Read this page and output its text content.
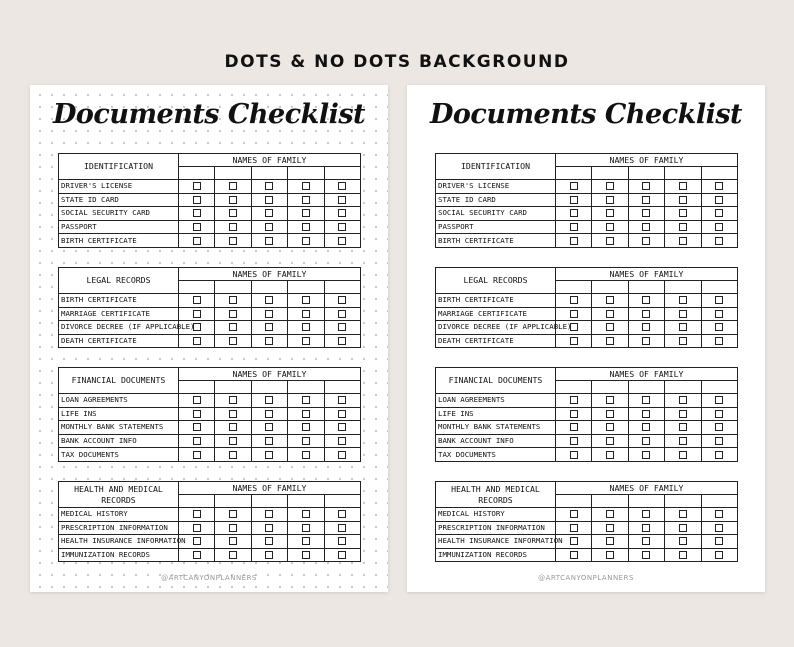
DOTS & NO DOTS BACKGROUND
Documents Checklist
IDENTIFICATION	NAMES OF FAMILY				

DRIVER'S LICENSE					
STATE ID CARD					
SOCIAL SECURITY CARD					
PASSPORT					
BIRTH CERTIFICATE					
LEGAL RECORDS	NAMES OF FAMILY				

BIRTH CERTIFICATE					
MARRIAGE CERTIFICATE					
DIVORCE DECREE (IF APPLICABLE)					
DEATH CERTIFICATE					
FINANCIAL DOCUMENTS	NAMES OF FAMILY				

LOAN AGREEMENTS					
LIFE INS					
MONTHLY BANK STATEMENTS					
BANK ACCOUNT INFO					
TAX DOCUMENTS					
HEALTH AND MEDICAL RECORDS	NAMES OF FAMILY				

MEDICAL HISTORY					
PRESCRIPTION INFORMATION					
HEALTH INSURANCE INFORMATION					
IMMUNIZATION RECORDS					
@ARTCANYONPLANNERS
Documents Checklist
IDENTIFICATION	NAMES OF FAMILY				

DRIVER'S LICENSE					
STATE ID CARD					
SOCIAL SECURITY CARD					
PASSPORT					
BIRTH CERTIFICATE					
LEGAL RECORDS	NAMES OF FAMILY				

BIRTH CERTIFICATE					
MARRIAGE CERTIFICATE					
DIVORCE DECREE (IF APPLICABLE)					
DEATH CERTIFICATE					
FINANCIAL DOCUMENTS	NAMES OF FAMILY				

LOAN AGREEMENTS					
LIFE INS					
MONTHLY BANK STATEMENTS					
BANK ACCOUNT INFO					
TAX DOCUMENTS					
HEALTH AND MEDICAL RECORDS	NAMES OF FAMILY				

MEDICAL HISTORY					
PRESCRIPTION INFORMATION					
HEALTH INSURANCE INFORMATION					
IMMUNIZATION RECORDS					
@ARTCANYONPLANNERS
